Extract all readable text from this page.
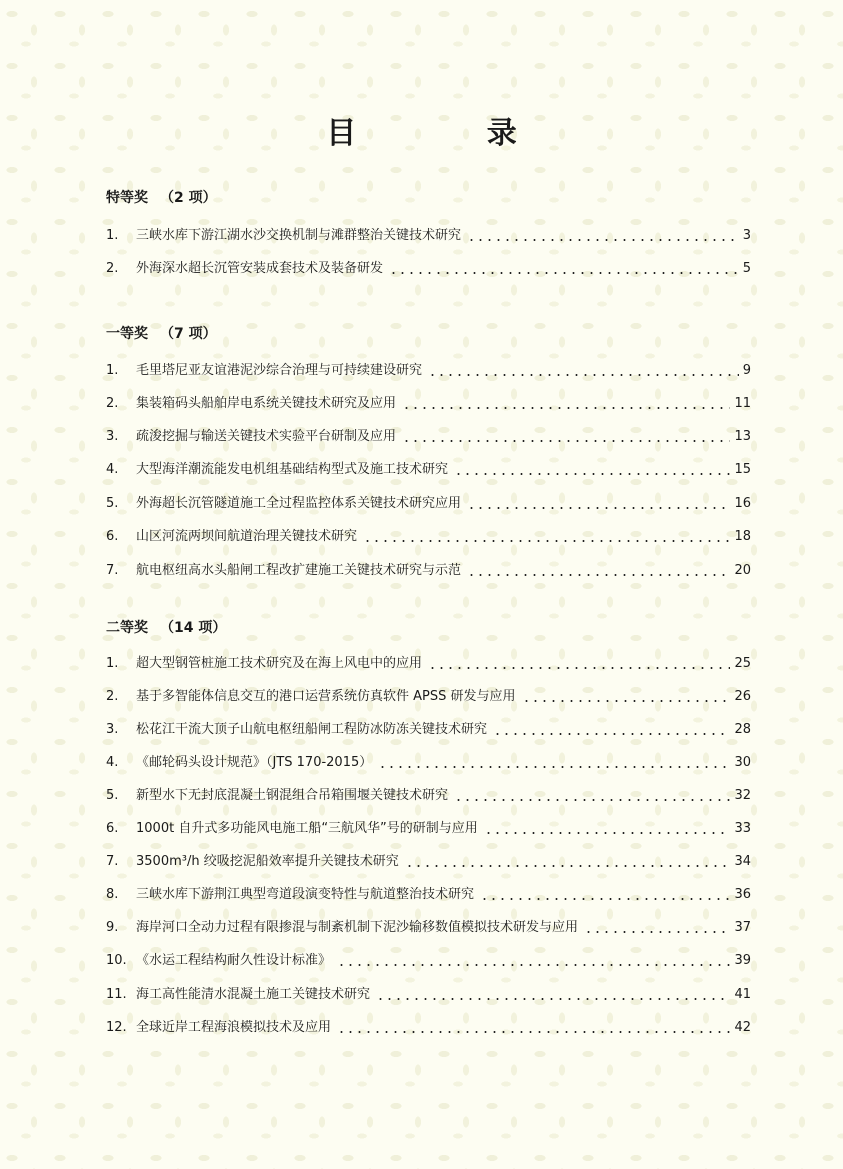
目 录
特等奖 （2 项）
1.	三峡水库下游江湖水沙交换机制与滩群整治关键技术研究	3
2.	外海深水超长沉管安装成套技术及装备研发	5
一等奖 （7 项）
1.	毛里塔尼亚友谊港泥沙综合治理与可持续建设研究	9
2.	集装箱码头船舶岸电系统关键技术研究及应用	11
3.	疏浚挖掘与输送关键技术实验平台研制及应用	13
4.	大型海洋潮流能发电机组基础结构型式及施工技术研究	15
5.	外海超长沉管隧道施工全过程监控体系关键技术研究应用	16
6.	山区河流两坝间航道治理关键技术研究	18
7.	航电枢纽高水头船闸工程改扩建施工关键技术研究与示范	20
二等奖 （14 项）
1.	超大型钢管桩施工技术研究及在海上风电中的应用	25
2.	基于多智能体信息交互的港口运营系统仿真软件 APSS 研发与应用	26
3.	松花江干流大顶子山航电枢纽船闸工程防冰防冻关键技术研究	28
4.	《邮轮码头设计规范》（JTS 170-2015）	30
5.	新型水下无封底混凝土钢混组合吊箱围堰关键技术研究	32
6.	1000t 自升式多功能风电施工船“三航风华”号的研制与应用	33
7.	3500m³/h 绞吸挖泥船效率提升关键技术研究	34
8.	三峡水库下游荆江典型弯道段演变特性与航道整治技术研究	36
9.	海岸河口全动力过程有限掺混与制紊机制下泥沙输移数值模拟技术研发与应用	37
10. 《水运工程结构耐久性设计标准》	39
11. 海工高性能清水混凝土施工关键技术研究	41
12. 全球近岸工程海浪模拟技术及应用	42
